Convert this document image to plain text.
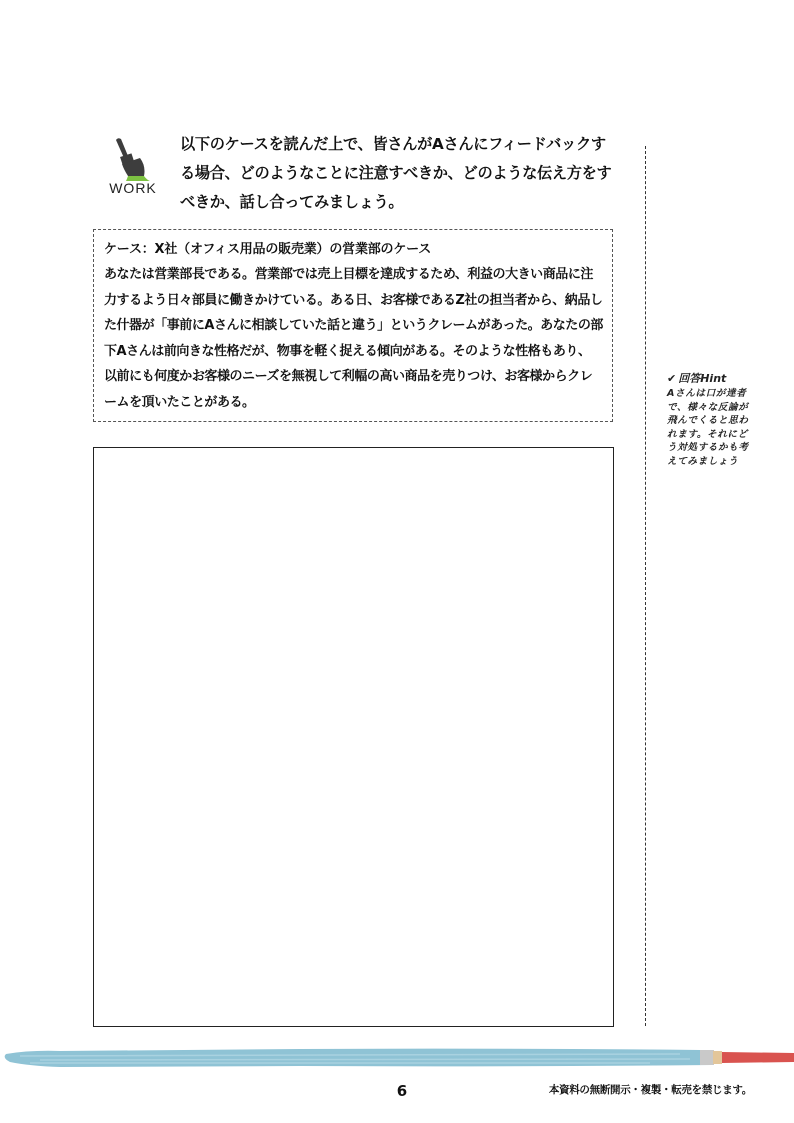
WORK
以下のケースを読んだ上で、皆さんがAさんにフィードバックする場合、どのようなことに注意すべきか、どのような伝え方をすべきか、話し合ってみましょう。
ケース：X社（オフィス用品の販売業）の営業部のケース
あなたは営業部長である。営業部では売上目標を達成するため、利益の大きい商品に注力するよう日々部員に働きかけている。ある日、お客様であるZ社の担当者から、納品した什器が「事前にAさんに相談していた話と違う」というクレームがあった。あなたの部下Aさんは前向きな性格だが、物事を軽く捉える傾向がある。そのような性格もあり、以前にも何度かお客様のニーズを無視して利幅の高い商品を売りつけ、お客様からクレームを頂いたことがある。
✔ 回答Hint
Aさんは口が達者で、様々な反論が飛んでくると思われます。それにどう対処するかも考えてみましょう
6	本資料の無断開示・複製・転売を禁じます。
